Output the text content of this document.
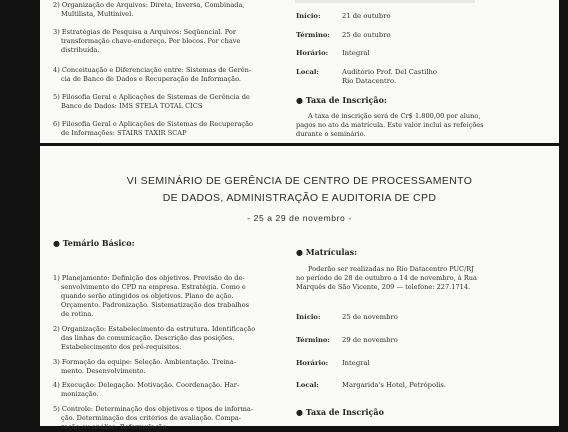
2) Organização de Arquivos: Direta, Inversa, Combinada,
Multilista, Multinível.
3) Estratégias de Pesquisa a Arquivos: Seqüencial. Por
transformação chave-endereço. Por blocos. Por chave
distribuída.
4) Conceituação e Diferenciação entre: Sistemas de Gerên-
cia de Banco de Dados e Recuperação de Informação.
5) Filosofia Geral e Aplicações de Sistemas de Gerência de
Banco de Dados: IMS STELA TOTAL CICS
6) Filosofia Geral e Aplicações de Sistemas de Recuperação
de Informações: STAIRS TAXIR SCAP
Início:	21 de outubro
Término: 25 de outubro
Horário: Integral
Local:	Auditório Prof. Del Castilho
Rio Datacentro.
● Taxa de Inscrição:
A taxa de inscrição será de Cr$ 1.800,00 por aluno,
pagos no ato da matrícula. Este valor inclui as refeições
durante o seminário.
VI SEMINÁRIO DE GERÊNCIA DE CENTRO DE PROCESSAMENTO
DE DADOS, ADMINISTRAÇÃO E AUDITORIA DE CPD
- 25 a 29 de novembro -
● Temário Básico:
1) Planejamento: Definição dos objetivos. Previsão do de-
senvolvimento do CPD na empresa. Estratégia. Como e
quando serão atingidos os objetivos. Plano de ação.
Orçamento. Padronização. Sistematização dos trabalhos
de rotina.
2) Organização: Estabelecimento da estrutura. Identificação
das linhas de comunicação. Descrição das posições.
Estabelecimento dos pré-requisitos.
3) Formação da equipe: Seleção. Ambientação. Treina-
mento. Desenvolvimento.
4) Execução: Delegação. Motivação. Coordenação. Har-
monização.
5) Controle: Determinação dos objetivos e tipos de informa-
ção. Determinação dos critérios de avaliação. Compa-
ração ou análise. Reformulação.
● Matrículas:
Poderão ser realizadas no Rio Datacentro PUC/RJ
no período de 28 de outubro a 14 de novembro, à Rua
Marquês de São Vicente, 209 — telefone: 227.1714.
Início:	25 de novembro
Término: 29 de novembro
Horário: Integral
Local:	Margarida's Hotel, Petrópolis.
● Taxa de Inscrição
